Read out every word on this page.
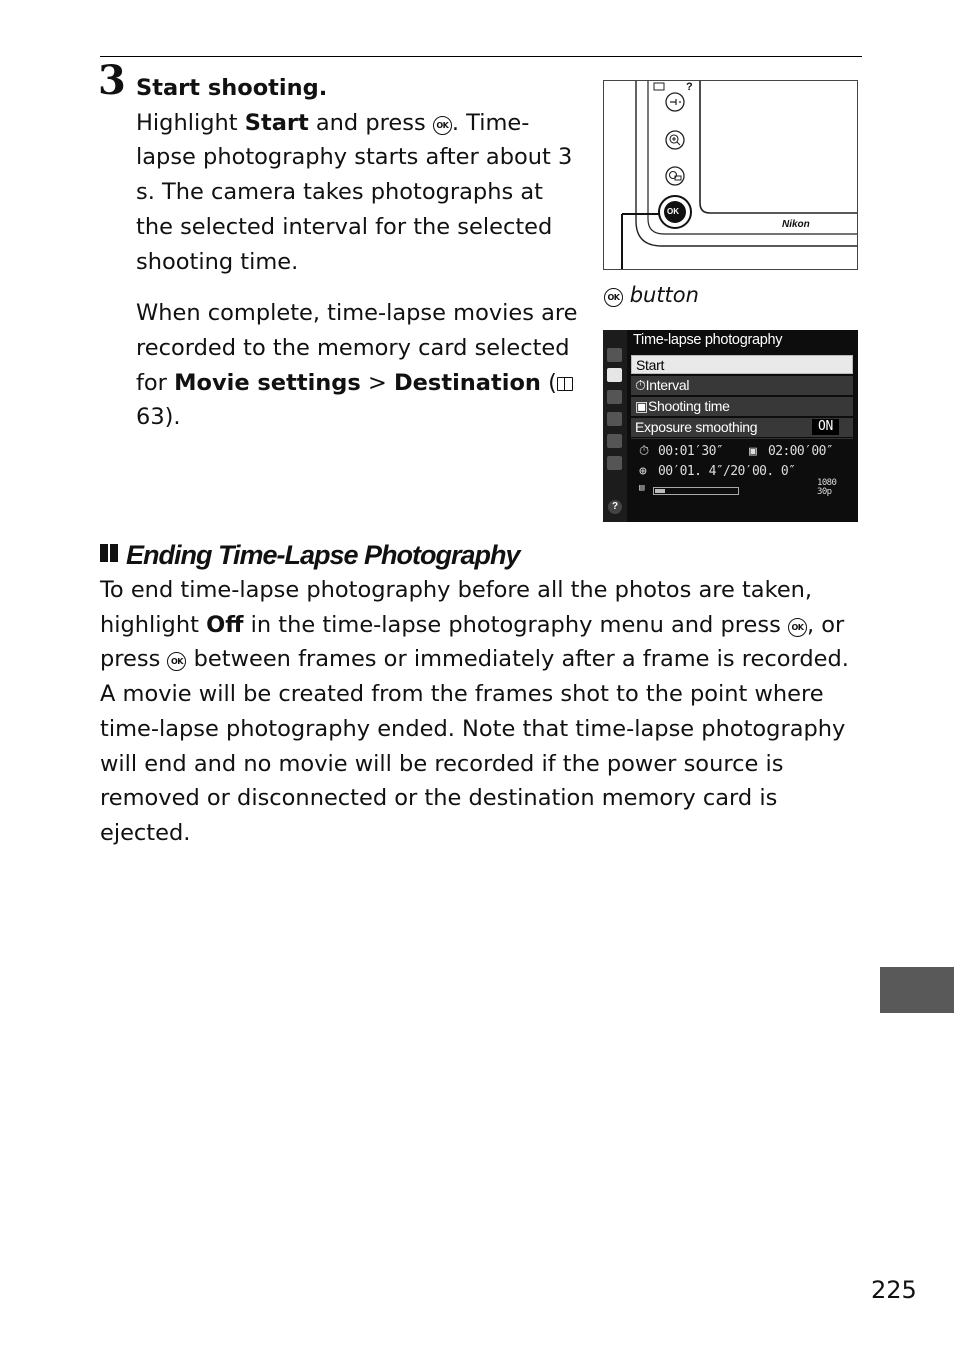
3 Start shooting.
Highlight Start and press OK . Time-lapse photography starts after about 3 s. The camera takes photographs at the selected interval for the selected shooting time.

When complete, time-lapse movies are recorded to the memory card selected for Movie settings > Destination ( 63).

OK
?
Nikon
OK button
Time-lapse photography
Start
⏱Interval
▣Shooting time
Exposure smoothing	ON
⏱ 00:01′30″ ▣ 02:00′00″
⊕ 00′01. 4″/20′00. 0″
▤	1080 30p
?
Ending Time-Lapse Photography

To end time-lapse photography before all the photos are taken, highlight Off in the time-lapse photography menu and press OK , or press OK between frames or immediately after a frame is recorded. A movie will be created from the frames shot to the point where time-lapse photography ended. Note that time-lapse photography will end and no movie will be recorded if the power source is removed or disconnected or the destination memory card is ejected.

225
